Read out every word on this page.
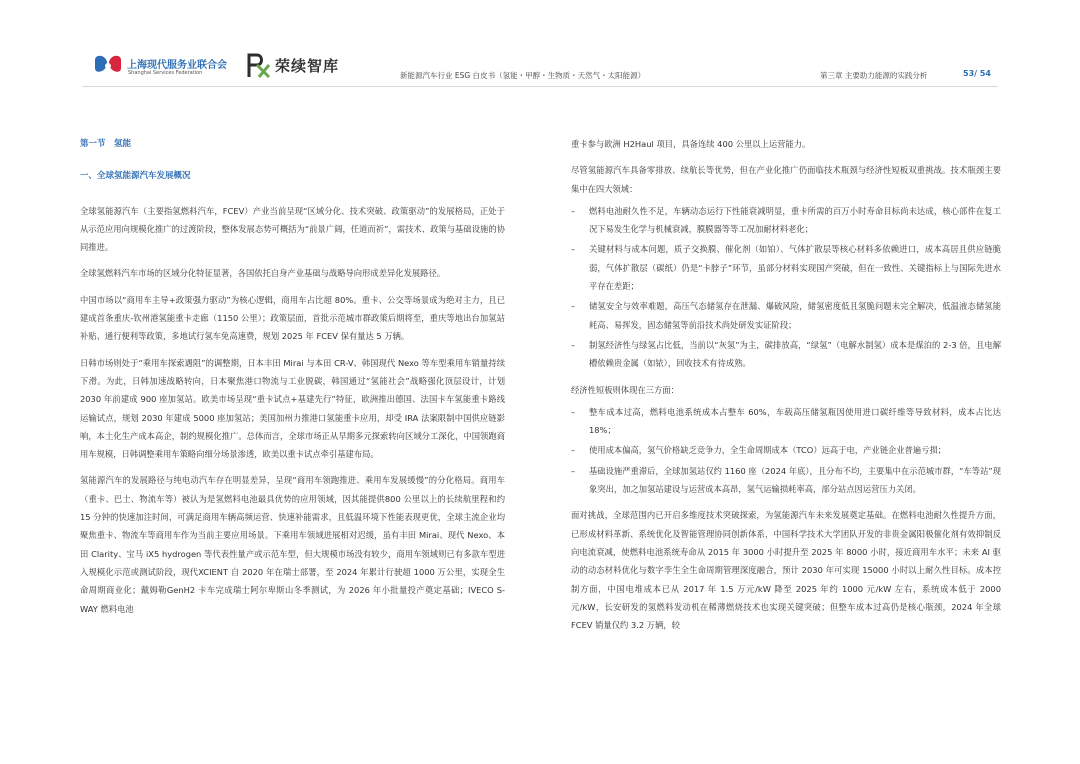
上海现代服务业联合会
Shanghai Services Federation	荣续智库
新能源汽车行业 ESG 白皮书（氢能・甲醇・生物质・天然气・太阳能源）	第三章 主要助力能源的实践分析	53/ 54
第一节　氢能
一、全球氢能源汽车发展概况

全球氢能源汽车（主要指氢燃料汽车，FCEV）产业当前呈现“区域分化、技术突破、政策驱动”的发展格局，正处于从示范应用向规模化推广的过渡阶段，整体发展态势可概括为“前景广阔，任道而祈”，需技术、政策与基础设施的协同推进。

全球氢燃料汽车市场的区域分化特征显著，各国依托自身产业基础与战略导向形成差异化发展路径。

中国市场以“商用车主导+政策强力驱动”为核心逻辑，商用车占比超 80%。重卡、公交等场景成为绝对主力，且已建成首条重庆-钦州港氢能重卡走廊（1150 公里）；政策层面，首批示范城市群政策后期将至，重庆等地出台加氢站补贴、通行便利等政策，多地试行氢车免高速费，规划 2025 年 FCEV 保有量达 5 万辆。

日韩市场则处于“乘用车探索遇阻”的调整期，日本丰田 Mirai 与本田 CR-V、韩国现代 Nexo 等车型乘用车销量持续下滑。为此，日韩加速战略转向，日本聚焦港口物流与工业脱碳，韩国通过“氢能社会”战略强化顶层设计，计划 2030 年前建成 900 座加氢站。欧美市场呈现“重卡试点+基建先行”特征，欧洲推出德国、法国卡车氢能重卡路线运输试点，规划 2030 年建成 5000 座加氢站；美国加州力推港口氢能重卡应用，却受 IRA 法案限制中国供应链影响，本土化生产成本高企，制约规模化推广。总体而言，全球市场正从早期多元探索转向区域分工深化，中国领跑商用车规模，日韩调整乘用车策略向细分场景渗透，欧美以重卡试点牵引基建布局。

氢能源汽车的发展路径与纯电动汽车存在明显差异，呈现“商用车领跑推进、乘用车发展缓慢”的分化格局。商用车（重卡、巴士、物流车等）被认为是氢燃料电池最具优势的应用领域，因其能提供800 公里以上的长续航里程和约 15 分钟的快速加注时间，可满足商用车辆高频运营、快速补能需求，且低温环境下性能表现更优，全球主流企业均聚焦重卡、物流车等商用车作为当前主要应用场景。下乘用车领域进展相对迟缓，虽有丰田 Mirai、现代 Nexo、本田 Clarity、宝马 iX5 hydrogen 等代表性量产或示范车型，但大规模市场没有较少，商用车领域则已有多款车型进入规模化示范或测试阶段，现代XCIENT 自 2020 年在瑞士部署，至 2024 年累计行驶超 1000 万公里，实现全生命周期商业化；戴姆勒GenH2 卡车完成瑞士阿尔卑斯山冬季测试，为 2026 年小批量投产奠定基础；IVECO S-WAY 燃料电池

重卡参与欧洲 H2Haul 项目，具备连续 400 公里以上运营能力。

尽管氢能源汽车具备零排放、续航长等优势，但在产业化推广仍面临技术瓶颈与经济性短板双重挑战。技术瓶颈主要集中在四大领域：

– 燃料电池耐久性不足，车辆动态运行下性能衰减明显，重卡所需的百万小时寿命目标尚未达成，核心部件在复工况下易发生化学与机械衰减，膜膜器等等工况加耐材料老化；
– 关键材料与成本问题，质子交换膜、催化剂（如铂）、气体扩散层等核心材料多依赖进口，成本高居且供应链脆弱，气体扩散层（碳纸）仍是“卡脖子”环节，虽部分材料实现国产突破，但在一致性、关键指标上与国际先进水平存在差距；
– 储氢安全与效率难题，高压气态储氢存在泄漏、爆破风险，储氢密度低且氢脆问题未完全解决，低温液态储氢能耗高、易挥发，固态储氢等前沿技术尚处研发实证阶段；
– 制氢经济性与绿氢占比低，当前以“灰氢”为主，碳排放高，“绿氢”（电解水制氢）成本是煤泊的 2-3 倍，且电解槽依赖贵金属（如铱），回收技术有待成熟。

经济性短板则体现在三方面：

– 整车成本过高，燃料电池系统成本占整车 60%，车载高压储氢瓶因使用进口碳纤维等导致材料，成本占比达 18%；
– 使用成本偏高，氢气价格缺乏竞争力，全生命周期成本（TCO）远高于电，产业链企业普遍亏损；
– 基础设施严重滞后，全球加氢站仅约 1160 座（2024 年底），且分布不均，主要集中在示范城市群，“车等站”现象突出，加之加氢站建设与运营成本高昂，氢气运输损耗率高，部分站点因运营压力关闭。

面对挑战，全球范围内已开启多维度技术突破探索，为氢能源汽车未来发展奠定基础。在燃料电池耐久性提升方面，已形成材料革新、系统优化及智能管理协同创新体系，中国科学技术大学团队开发的非贵金属阳极催化剂有效抑制反向电流衰减，使燃料电池系统寿命从 2015 年 3000 小时提升至 2025 年 8000 小时，接近商用车水平；未来 AI 驱动的动态材料优化与数字孪生全生命周期管理深度融合，预计 2030 年可实现 15000 小时以上耐久性目标。成本控制方面，中国电堆成本已从 2017 年 1.5 万元/kW 降至 2025 年约 1000 元/kW 左右，系统成本低于 2000 元/kW，长安研发的氢燃料发动机在稀薄燃烧技术也实现关键突破；但整车成本过高仍是核心瓶颈，2024 年全球 FCEV 销量仅约 3.2 万辆，较
